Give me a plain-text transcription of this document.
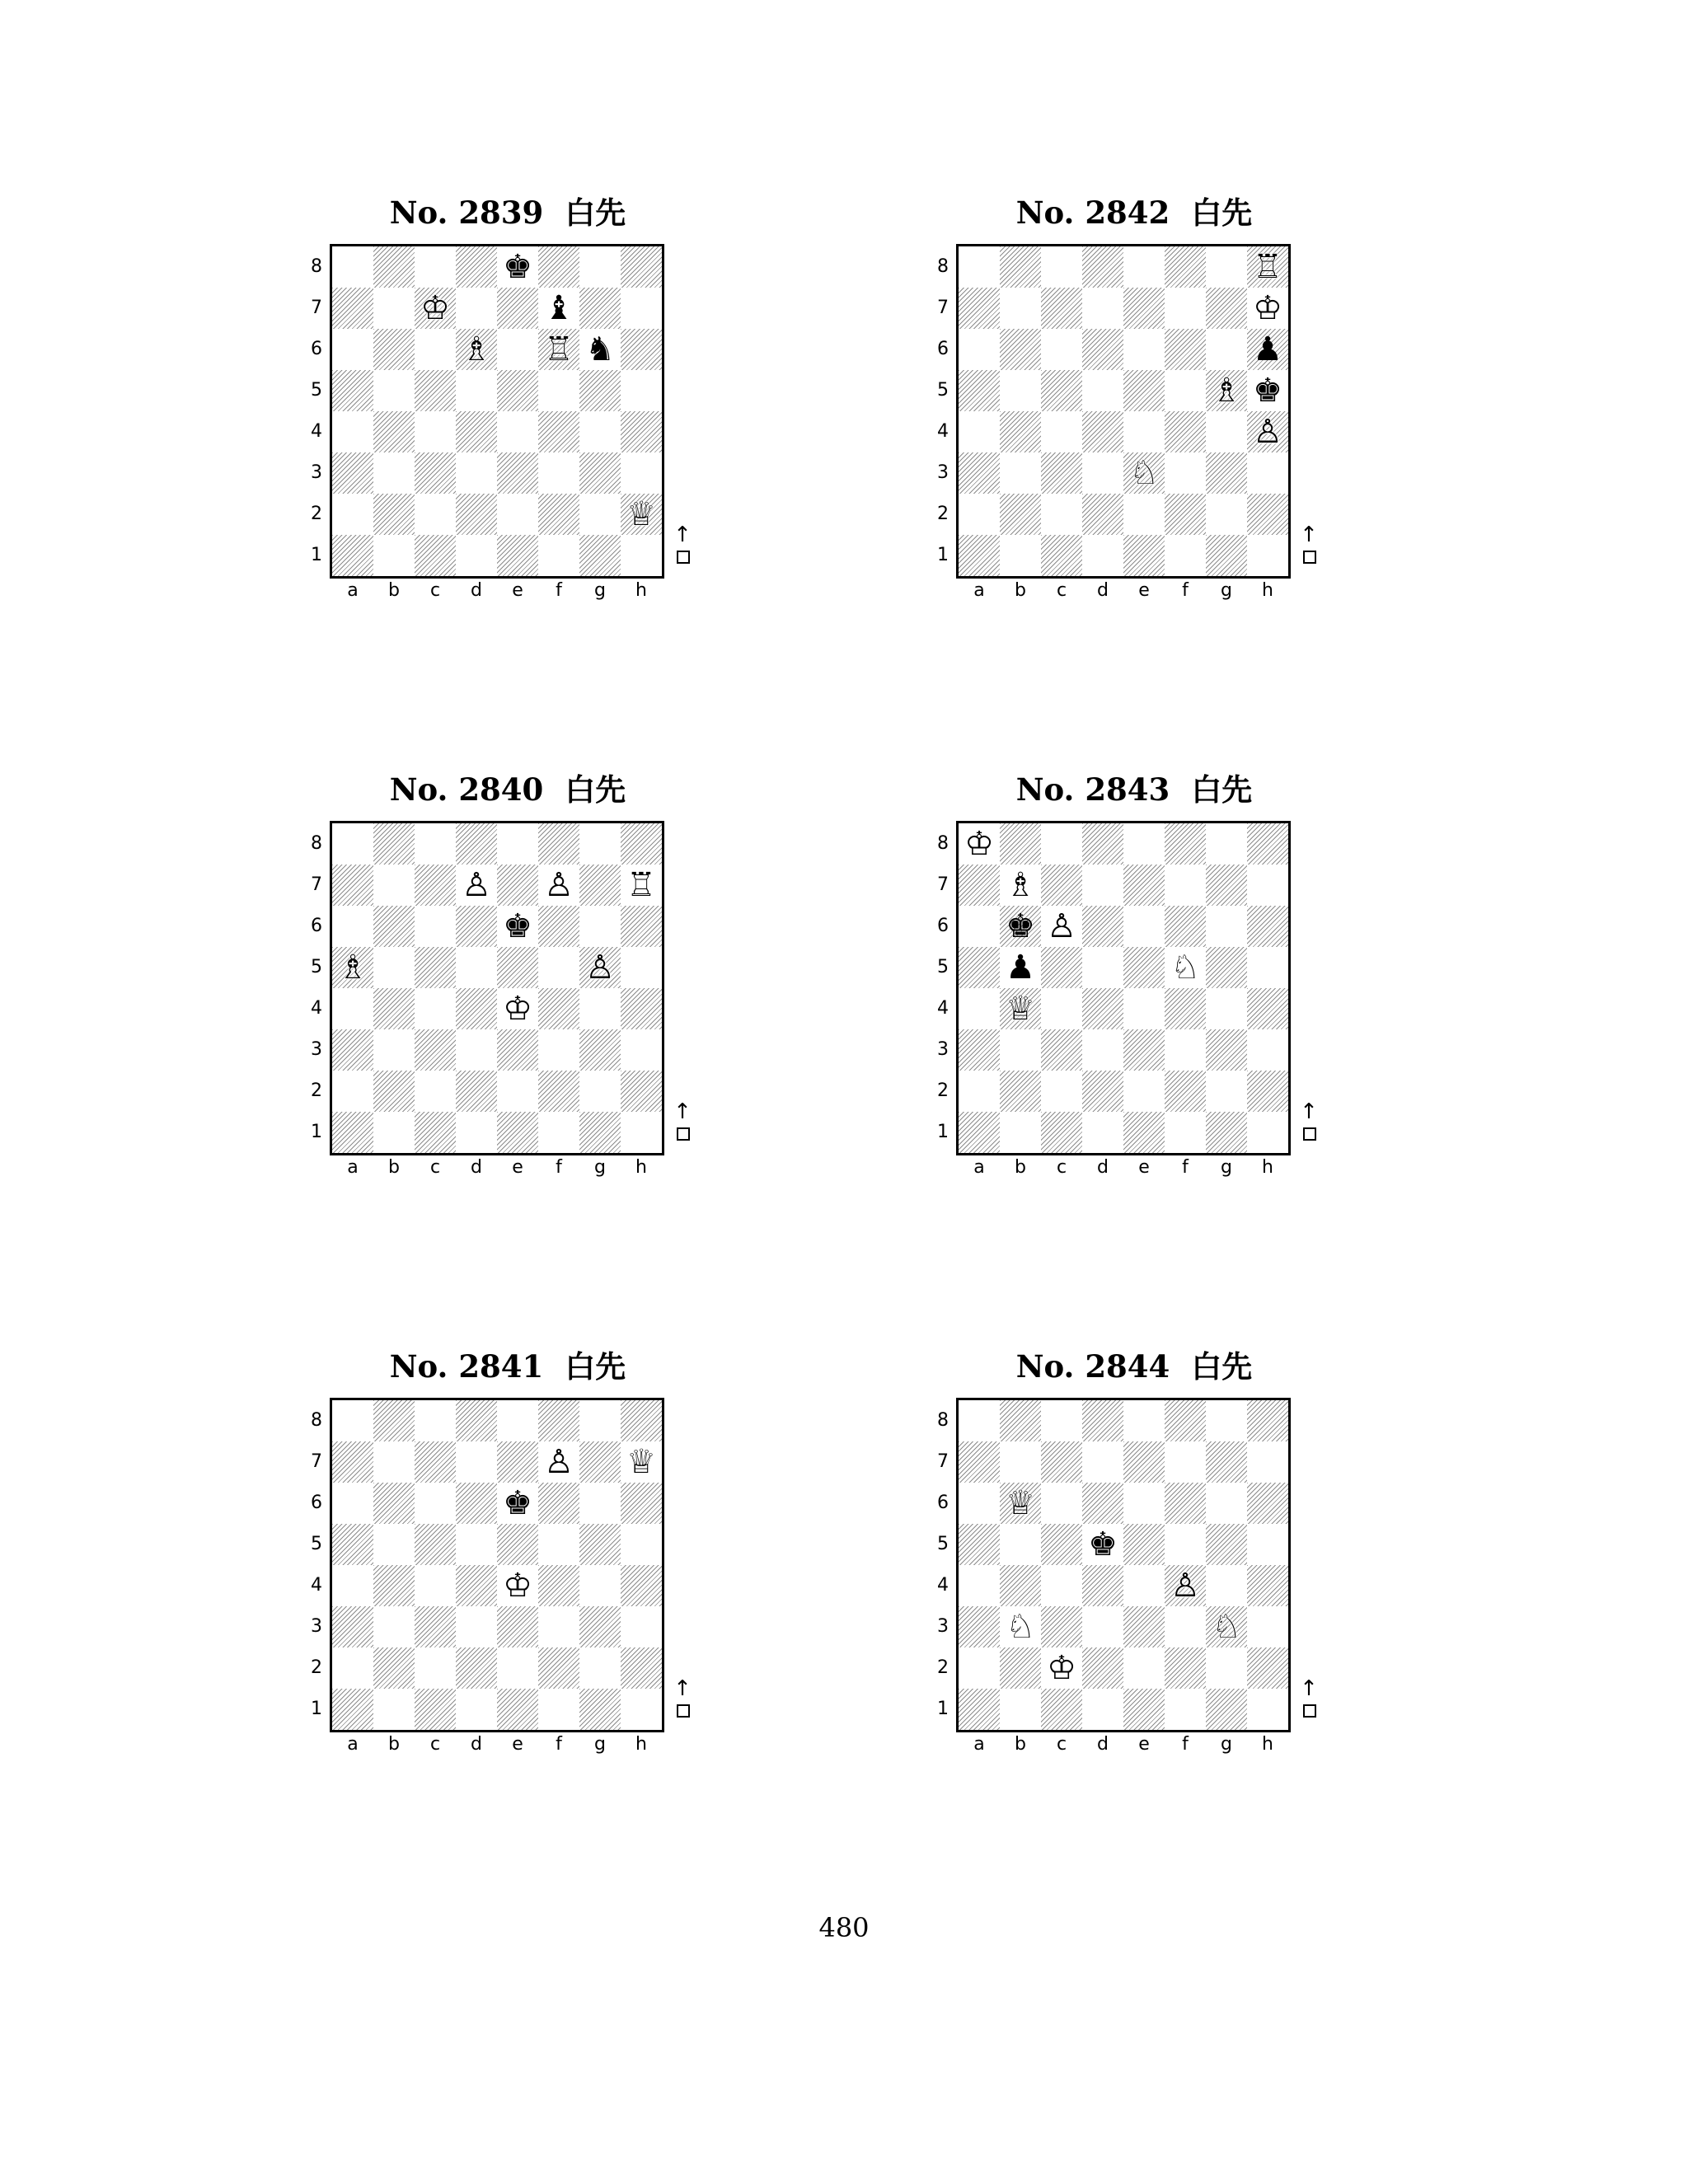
No. 2839 白先
♚
♔	♝
♗ ♖ ♞
♕
8
7
6
5
4
3
2
1
a	b	c	d	e	f	g	h
↑
No. 2840 白先
♙ ♙ ♖
♚
♗	♙
♔
8
7
6
5
4
3
2
1
a	b	c	d	e	f	g	h
↑
No. 2841 白先
♙ ♕
♚
♔
8
7
6
5
4
3
2
1
a	b	c	d	e	f	g	h
↑
No. 2842 白先
♖
♔
♟
♗ ♚
♙
♘
8
7
6
5
4
3
2
1
a	b	c	d	e	f	g	h
↑
No. 2843 白先
♔
♗
♚ ♙
♟	♘
♕
8
7
6
5
4
3
2
1
a	b	c	d	e	f	g	h
↑
No. 2844 白先
♕
♚
♙
♘	♘
♔
8
7
6
5
4
3
2
1
a	b	c	d	e	f	g	h
↑
480
